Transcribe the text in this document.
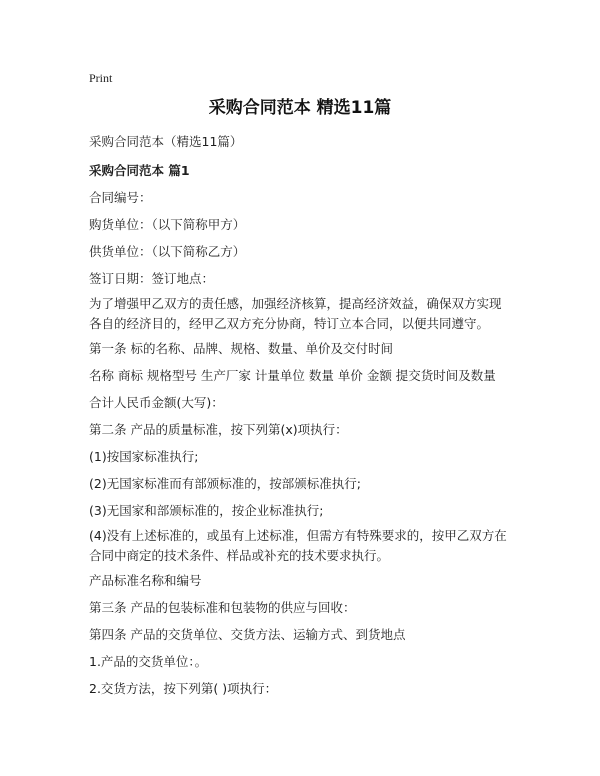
Print
采购合同范本 精选11篇
采购合同范本（精选11篇）
采购合同范本 篇1
合同编号：
购货单位：（以下简称甲方）
供货单位：（以下简称乙方）
签订日期：签订地点：
为了增强甲乙双方的责任感，加强经济核算，提高经济效益，确保双方实现各自的经济目的，经甲乙双方充分协商，特订立本合同，以便共同遵守。
第一条 标的名称、品牌、规格、数量、单价及交付时间
名称 商标 规格型号 生产厂家 计量单位 数量 单价 金额 提交货时间及数量
合计人民币金额(大写)：
第二条 产品的质量标准，按下列第(x)项执行：
(1)按国家标准执行;
(2)无国家标准而有部颁标准的，按部颁标准执行;
(3)无国家和部颁标准的，按企业标准执行;
(4)没有上述标准的，或虽有上述标准，但需方有特殊要求的，按甲乙双方在合同中商定的技术条件、样品或补充的技术要求执行。
产品标准名称和编号
第三条 产品的包装标准和包装物的供应与回收：
第四条 产品的交货单位、交货方法、运输方式、到货地点
1.产品的交货单位：。
2.交货方法，按下列第( )项执行：
